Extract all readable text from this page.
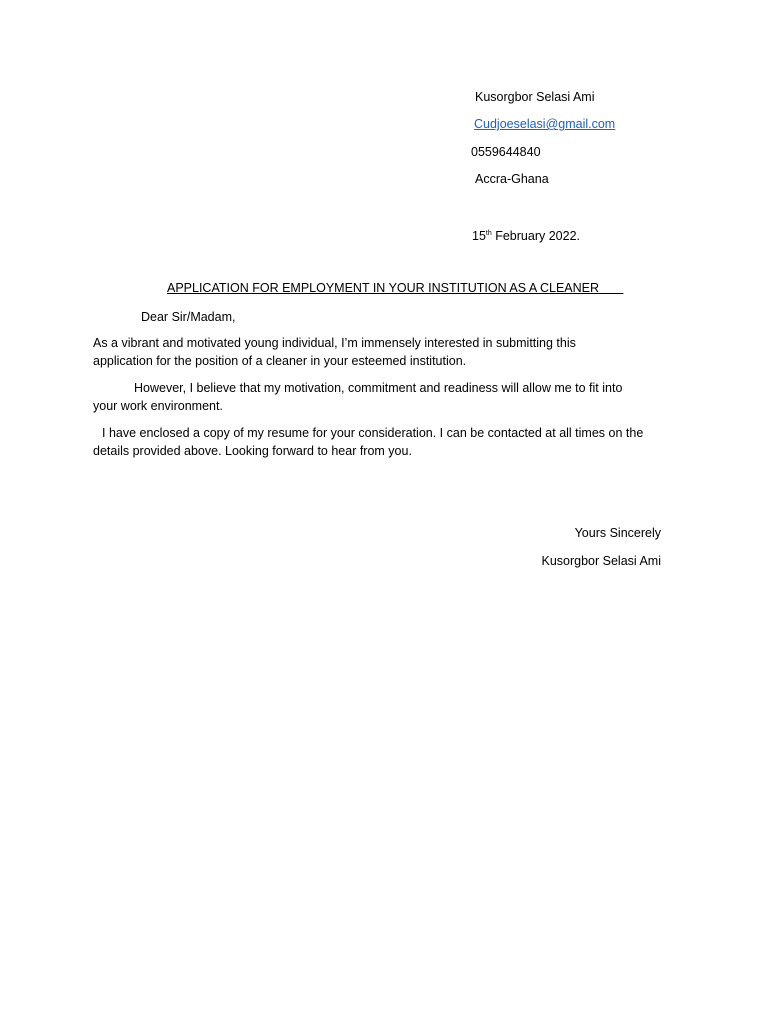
Kusorgbor Selasi Ami
Cudjoeselasi@gmail.com
0559644840
Accra-Ghana
15th February 2022.
APPLICATION FOR EMPLOYMENT IN YOUR INSTITUTION AS A CLEANER
Dear Sir/Madam,
As a vibrant and motivated young individual, I’m immensely interested in submitting this
application for the position of a cleaner in your esteemed institution.
However, I believe that my motivation, commitment and readiness will allow me to fit into
your work environment.
I have enclosed a copy of my resume for your consideration. I can be contacted at all times on the
details provided above. Looking forward to hear from you.
Yours Sincerely
Kusorgbor Selasi Ami
